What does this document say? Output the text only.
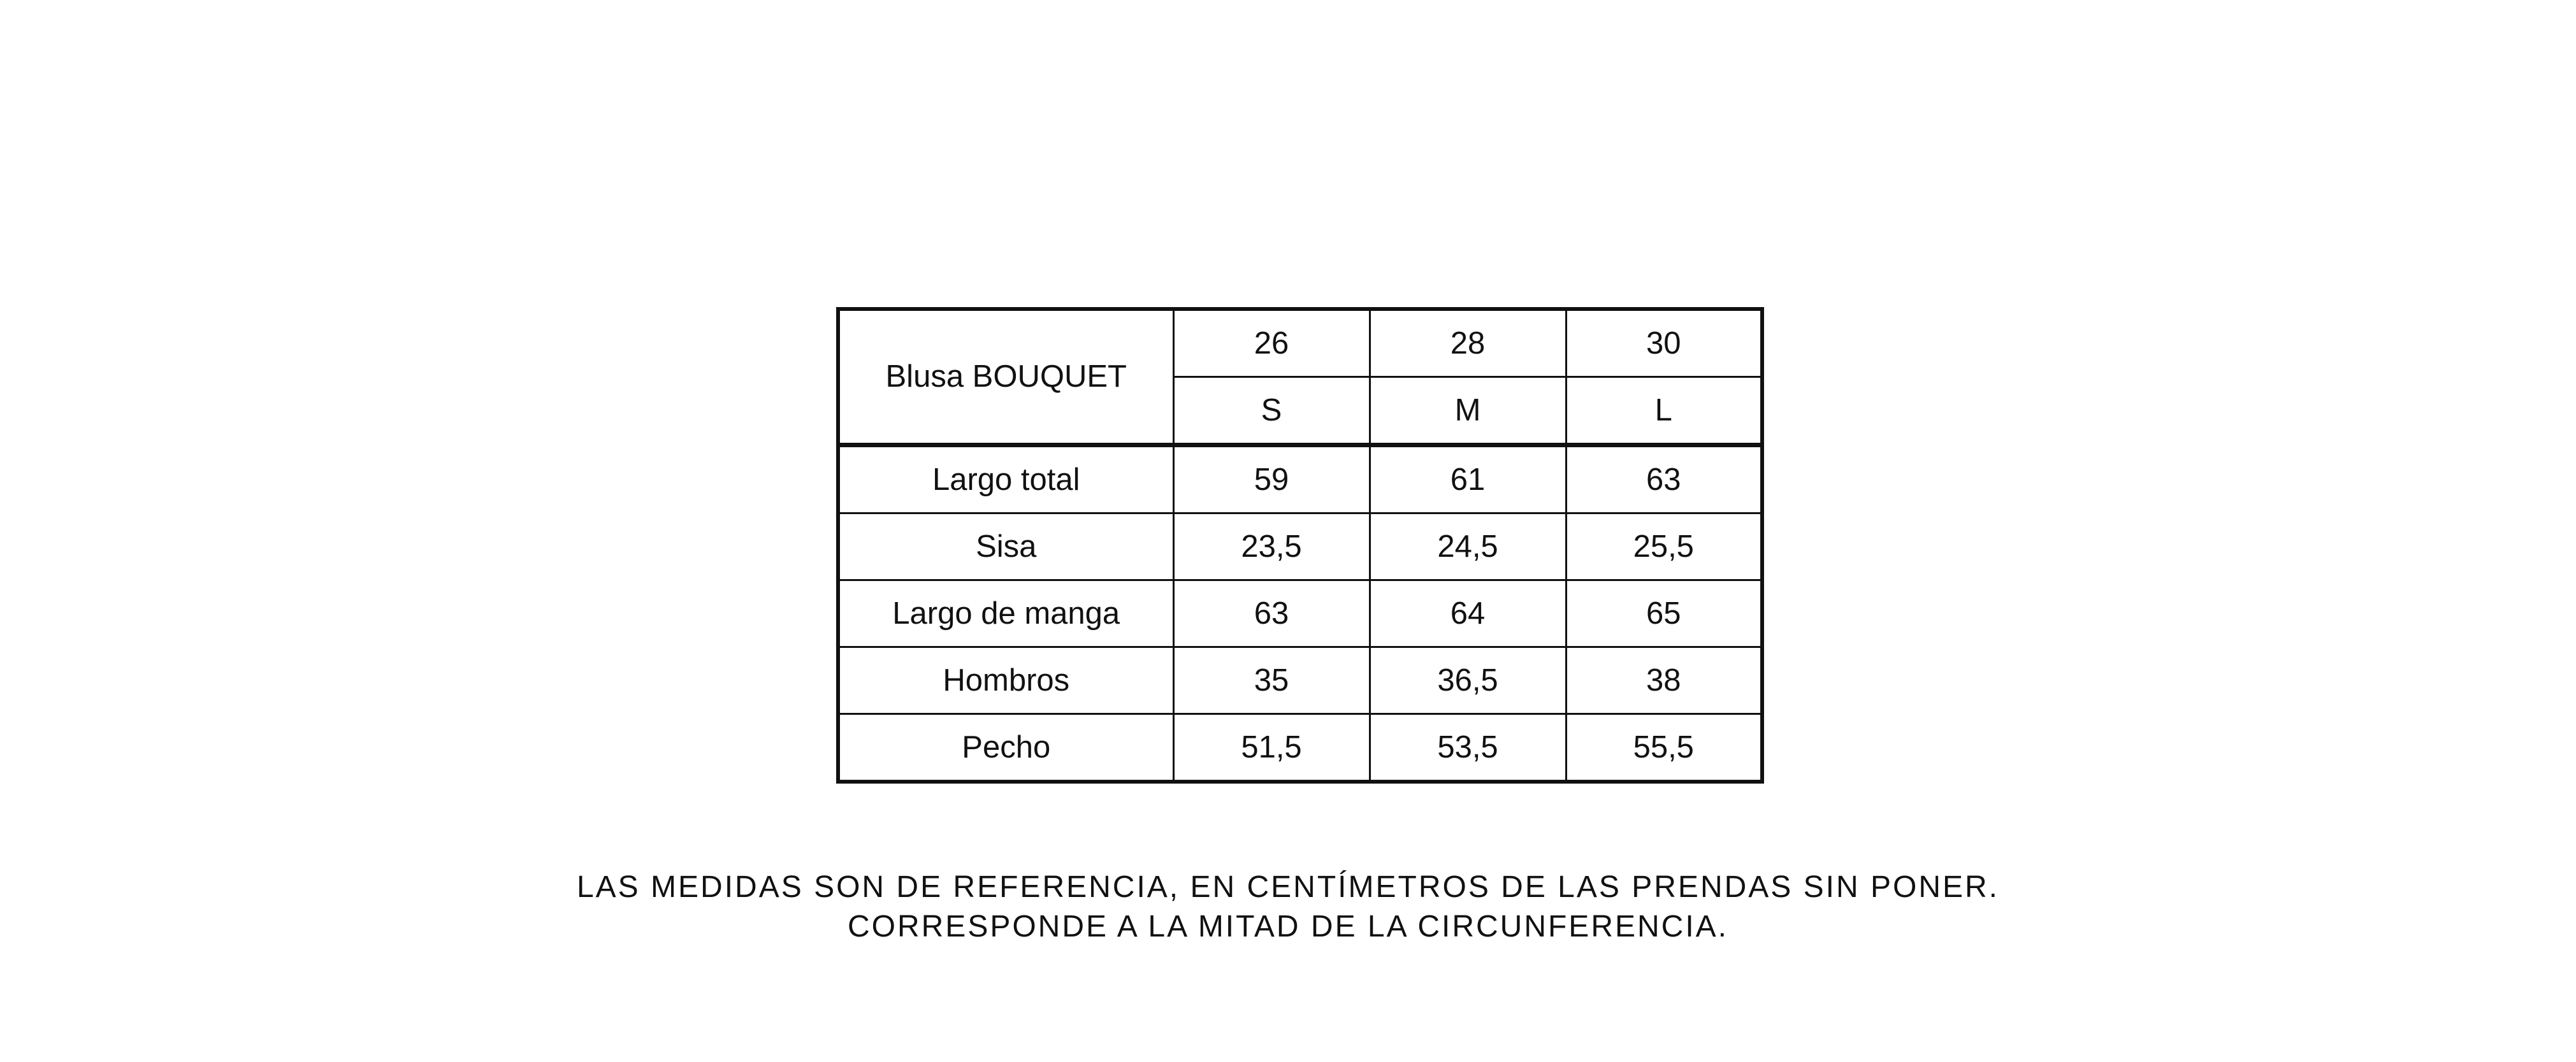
Blusa BOUQUET	26	28	30
	S	M	L
Largo total	59	61	63
Sisa	23,5	24,5	25,5
Largo de manga	63	64	65
Hombros	35	36,5	38
Pecho	51,5	53,5	55,5

LAS MEDIDAS SON DE REFERENCIA, EN CENTÍMETROS DE LAS PRENDAS SIN PONER.

CORRESPONDE A LA MITAD DE LA CIRCUNFERENCIA.
